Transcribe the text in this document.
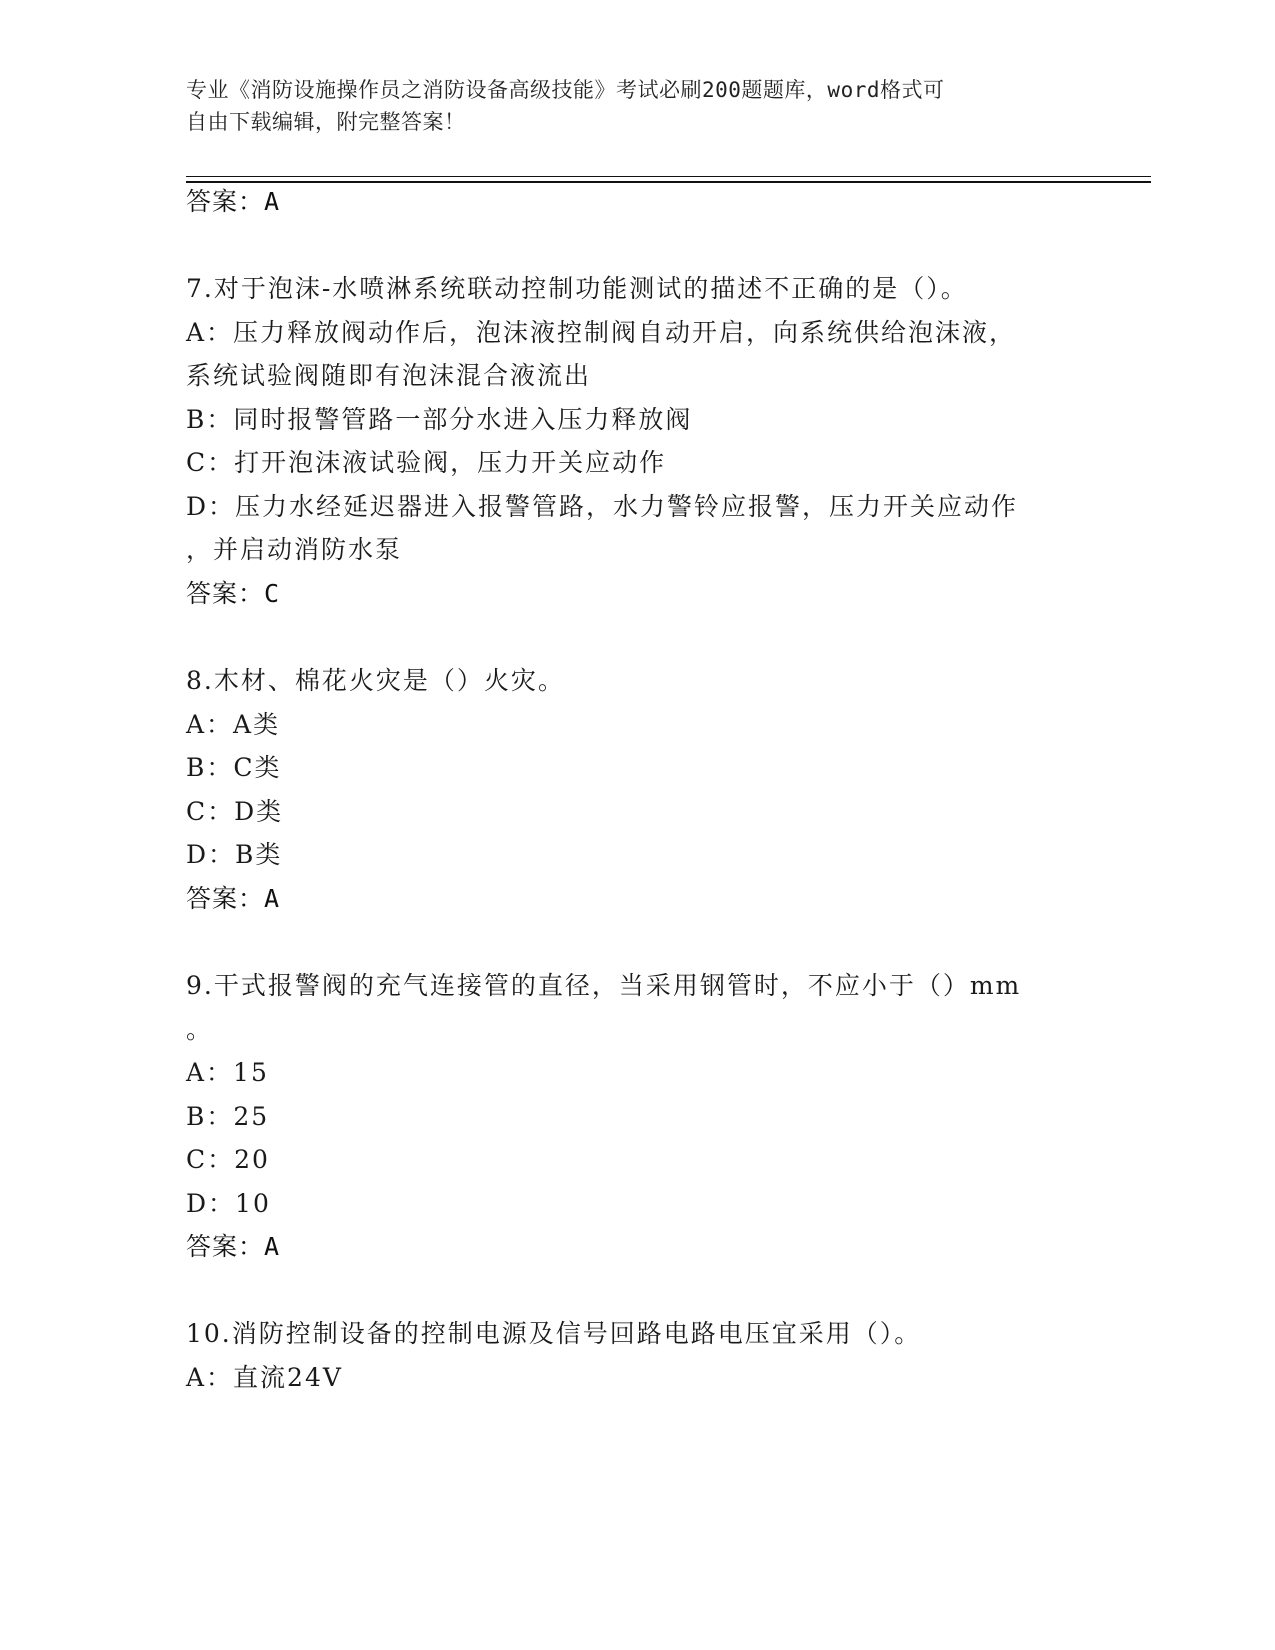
专业《消防设施操作员之消防设备高级技能》考试必刷200题题库，word格式可
自由下载编辑，附完整答案！
答案：A
7.对于泡沫-水喷淋系统联动控制功能测试的描述不正确的是（）。
A：压力释放阀动作后，泡沫液控制阀自动开启，向系统供给泡沫液，
系统试验阀随即有泡沫混合液流出
B：同时报警管路一部分水进入压力释放阀
C：打开泡沫液试验阀，压力开关应动作
D：压力水经延迟器进入报警管路，水力警铃应报警，压力开关应动作
，并启动消防水泵
答案：C
8.木材、棉花火灾是（）火灾。
A：A类
B：C类
C：D类
D：B类
答案：A
9.干式报警阀的充气连接管的直径，当采用钢管时，不应小于（）mm
。
A：15
B：25
C：20
D：10
答案：A
10.消防控制设备的控制电源及信号回路电路电压宜采用（）。
A：直流24V
